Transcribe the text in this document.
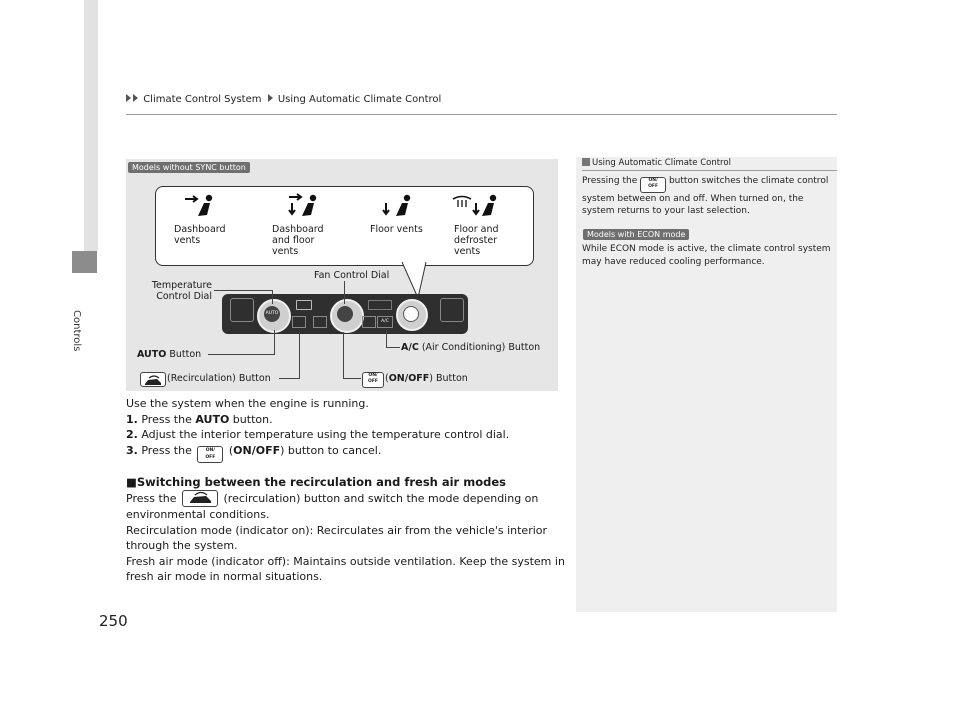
Climate Control System Using Automatic Climate Control
Controls
250
Models without SYNC button
Dashboard vents
Dashboard and floor vents
Floor vents	Floor and defroster vents
AUTO
A/C
Temperature Control Dial
Fan Control Dial
AUTO Button
A/C (Air Conditioning) Button
(Recirculation) Button	ON/
OFF (ON/OFF) Button
Use the system when the engine is running.
1. Press the AUTO button.
2. Adjust the interior temperature using the temperature control dial.
3. Press the	ON/
OFF
(ON/OFF) button to cancel.
■Switching between the recirculation and fresh air modes
Press the	(recirculation) button and switch the mode depending on environmental conditions.
Recirculation mode (indicator on): Recirculates air from the vehicle's interior through the system.
Fresh air mode (indicator off): Maintains outside ventilation. Keep the system in fresh air mode in normal situations.
Using Automatic Climate Control
Pressing the	ON/
OFF
button switches the climate control system between on and off. When turned on, the system returns to your last selection.
Models with ECON mode
While ECON mode is active, the climate control system may have reduced cooling performance.
